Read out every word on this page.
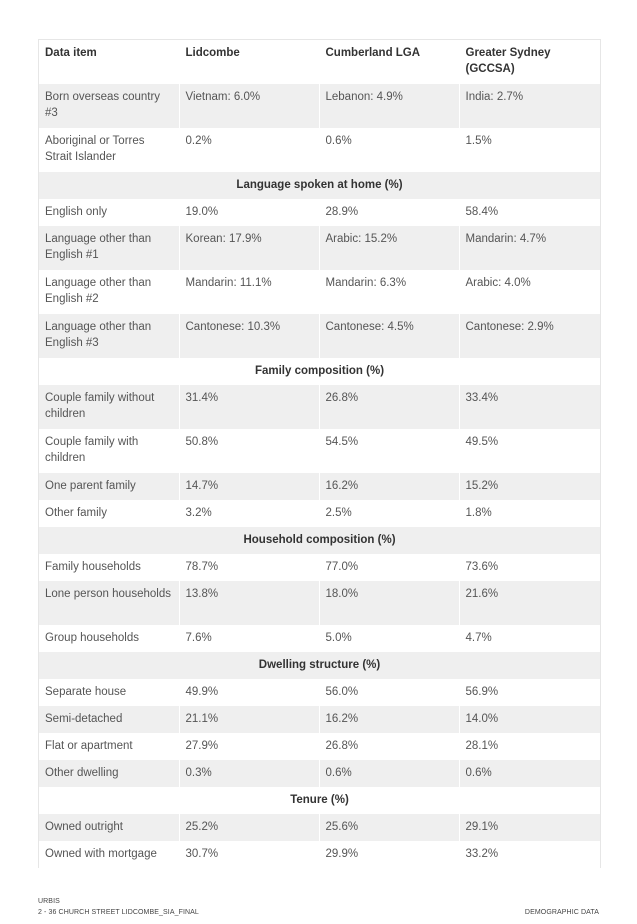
Data item	Lidcombe	Cumberland LGA	Greater Sydney (GCCSA)
Born overseas country #3	Vietnam: 6.0%	Lebanon: 4.9%	India: 2.7%
Aboriginal or Torres Strait Islander	0.2%	0.6%	1.5%
Language spoken at home (%)			
English only	19.0%	28.9%	58.4%
Language other than English #1	Korean: 17.9%	Arabic: 15.2%	Mandarin: 4.7%
Language other than English #2	Mandarin: 11.1%	Mandarin: 6.3%	Arabic: 4.0%
Language other than English #3	Cantonese: 10.3%	Cantonese: 4.5%	Cantonese: 2.9%
Family composition (%)			
Couple family without children	31.4%	26.8%	33.4%
Couple family with children	50.8%	54.5%	49.5%
One parent family	14.7%	16.2%	15.2%
Other family	3.2%	2.5%	1.8%
Household composition (%)			
Family households	78.7%	77.0%	73.6%
Lone person households	13.8%	18.0%	21.6%
Group households	7.6%	5.0%	4.7%
Dwelling structure (%)			
Separate house	49.9%	56.0%	56.9%
Semi-detached	21.1%	16.2%	14.0%
Flat or apartment	27.9%	26.8%	28.1%
Other dwelling	0.3%	0.6%	0.6%
Tenure (%)			
Owned outright	25.2%	25.6%	29.1%
Owned with mortgage	30.7%	29.9%	33.2%
URBIS
2 - 36 CHURCH STREET LIDCOMBE_SIA_FINAL	DEMOGRAPHIC DATA
